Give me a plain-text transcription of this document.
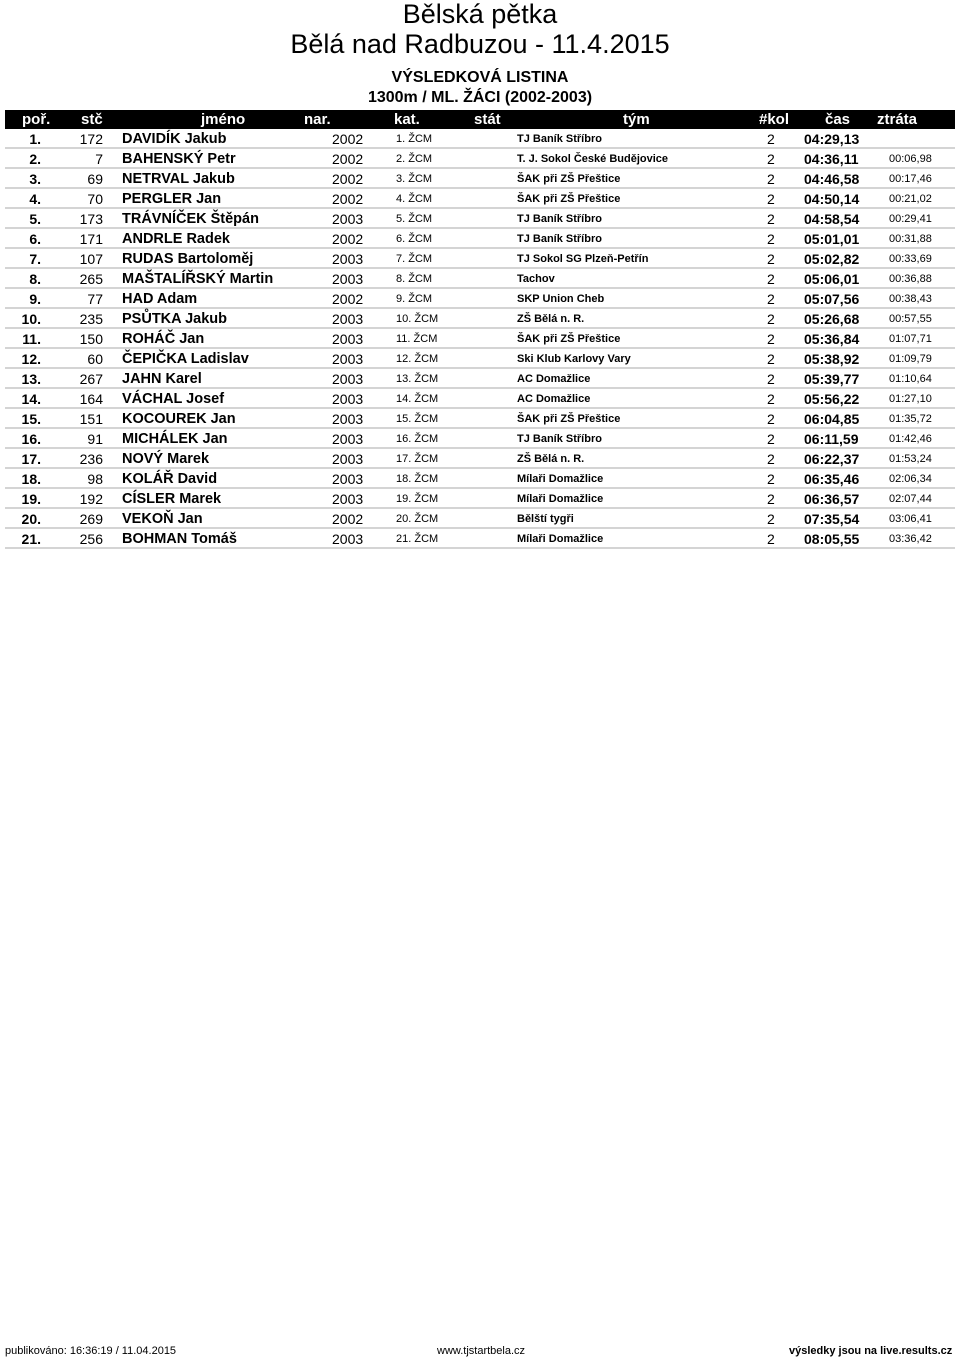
Bělská pětka
Bělá nad Radbuzou - 11.4.2015
VÝSLEDKOVÁ LISTINA
1300m / ML. ŽÁCI (2002-2003)
poř. stč	jméno	nar.	kat.	stát	tým	#kol čas ztráta
1.	172 DAVIDÍK Jakub	2002	1. ŽCM	TJ Baník Stříbro	2 04:29,13
2.	7 BAHENSKÝ Petr	2002	2. ŽCM	T. J. Sokol České Budějovice	2 04:36,11	00:06,98
3.	69 NETRVAL Jakub	2002	3. ŽCM	ŠAK při ZŠ Přeštice	2 04:46,58	00:17,46
4.	70 PERGLER Jan	2002	4. ŽCM	ŠAK při ZŠ Přeštice	2 04:50,14	00:21,02
5.	173 TRÁVNÍČEK Štěpán	2003	5. ŽCM	TJ Baník Stříbro	2 04:58,54	00:29,41
6.	171 ANDRLE Radek	2002	6. ŽCM	TJ Baník Stříbro	2 05:01,01	00:31,88
7.	107 RUDAS Bartoloměj	2003	7. ŽCM	TJ Sokol SG Plzeň-Petřín	2 05:02,82	00:33,69
8.	265 MAŠTALÍŘSKÝ Martin	2003	8. ŽCM	Tachov	2 05:06,01	00:36,88
9.	77 HAD Adam	2002	9. ŽCM	SKP Union Cheb	2 05:07,56	00:38,43
10.	235 PSŮTKA Jakub	2003	10. ŽCM	ZŠ Bělá n. R.	2 05:26,68	00:57,55
11.	150 ROHÁČ Jan	2003	11. ŽCM	ŠAK při ZŠ Přeštice	2 05:36,84	01:07,71
12.	60 ČEPIČKA Ladislav	2003	12. ŽCM	Ski Klub Karlovy Vary	2 05:38,92	01:09,79
13.	267 JAHN Karel	2003	13. ŽCM	AC Domažlice	2 05:39,77	01:10,64
14.	164 VÁCHAL Josef	2003	14. ŽCM	AC Domažlice	2 05:56,22	01:27,10
15.	151 KOCOUREK Jan	2003	15. ŽCM	ŠAK při ZŠ Přeštice	2 06:04,85	01:35,72
16.	91 MICHÁLEK Jan	2003	16. ŽCM	TJ Baník Stříbro	2 06:11,59	01:42,46
17.	236 NOVÝ Marek	2003	17. ŽCM	ZŠ Bělá n. R.	2 06:22,37	01:53,24
18.	98 KOLÁŘ David	2003	18. ŽCM	Mílaři Domažlice	2 06:35,46	02:06,34
19.	192 CÍSLER Marek	2003	19. ŽCM	Mílaři Domažlice	2 06:36,57	02:07,44
20.	269 VEKOŇ Jan	2002	20. ŽCM	Bělští tygři	2 07:35,54	03:06,41
21.	256 BOHMAN Tomáš	2003	21. ŽCM	Mílaři Domažlice	2 08:05,55	03:36,42
publikováno: 16:36:19 / 11.04.2015	www.tjstartbela.cz	výsledky jsou na live.results.cz
